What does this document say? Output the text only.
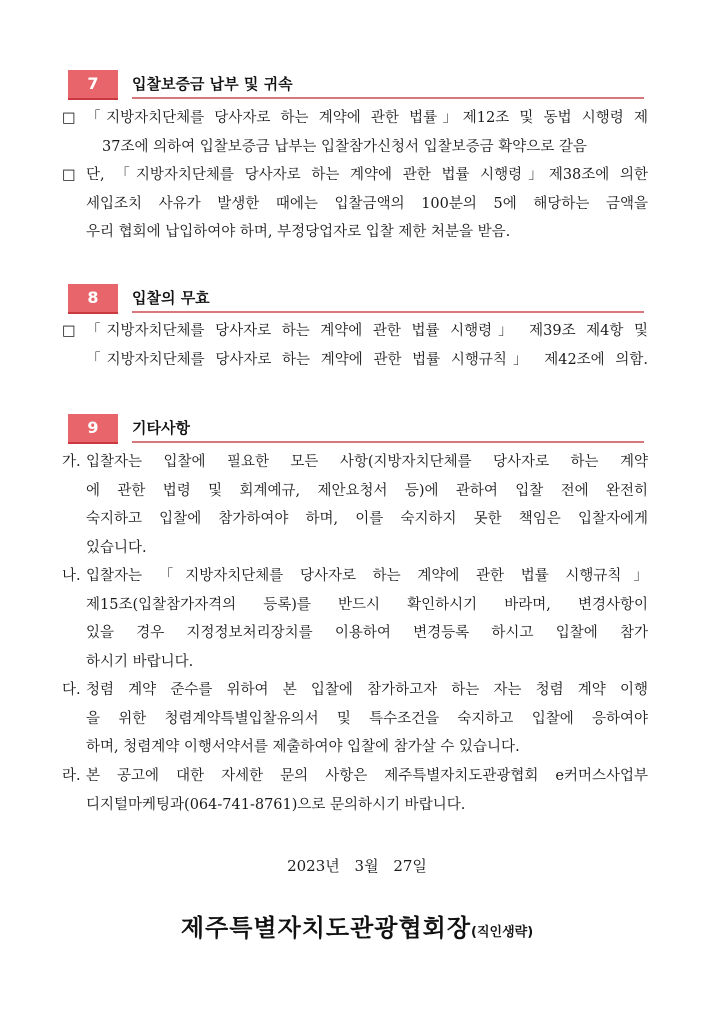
7	입찰보증금 납부 및 귀속
□ 「지방자치단체를 당사자로 하는 계약에 관한 법률」제12조 및 동법 시행령 제
37조에 의하여 입찰보증금 납부는 입찰참가신청서 입찰보증금 확약으로 갈음
□ 단, 「지방자치단체를 당사자로 하는 계약에 관한 법률 시행령」제38조에 의한
세입조치 사유가 발생한 때에는 입찰금액의 100분의 5에 해당하는 금액을
우리 협회에 납입하여야 하며, 부정당업자로 입찰 제한 처분을 받음.
8	입찰의 무효
□ 「지방자치단체를 당사자로 하는 계약에 관한 법률 시행령」 제39조 제4항 및
「지방자치단체를 당사자로 하는 계약에 관한 법률 시행규칙」 제42조에 의함.
9	기타사항
가. 입찰자는 입찰에 필요한 모든 사항(지방자치단체를 당사자로 하는 계약
에 관한 법령 및 회계예규, 제안요청서 등)에 관하여 입찰 전에 완전히
숙지하고 입찰에 참가하여야 하며, 이를 숙지하지 못한 책임은 입찰자에게
있습니다.
나. 입찰자는 「지방자치단체를 당사자로 하는 계약에 관한 법률 시행규칙」
제15조(입찰참가자격의 등록)를 반드시 확인하시기 바라며, 변경사항이
있을 경우 지정정보처리장치를 이용하여 변경등록 하시고 입찰에 참가
하시기 바랍니다.
다. 청렴 계약 준수를 위하여 본 입찰에 참가하고자 하는 자는 청렴 계약 이행
을 위한 청렴계약특별입찰유의서 및 특수조건을 숙지하고 입찰에 응하여야
하며, 청렴계약 이행서약서를 제출하여야 입찰에 참가살 수 있습니다.
라. 본 공고에 대한 자세한 문의 사항은 제주특별자치도관광협회 e커머스사업부
디지털마케팅과(064-741-8761)으로 문의하시기 바랍니다.
2023년 3월 27일
제주특별자치도관광협회장(직인생략)
